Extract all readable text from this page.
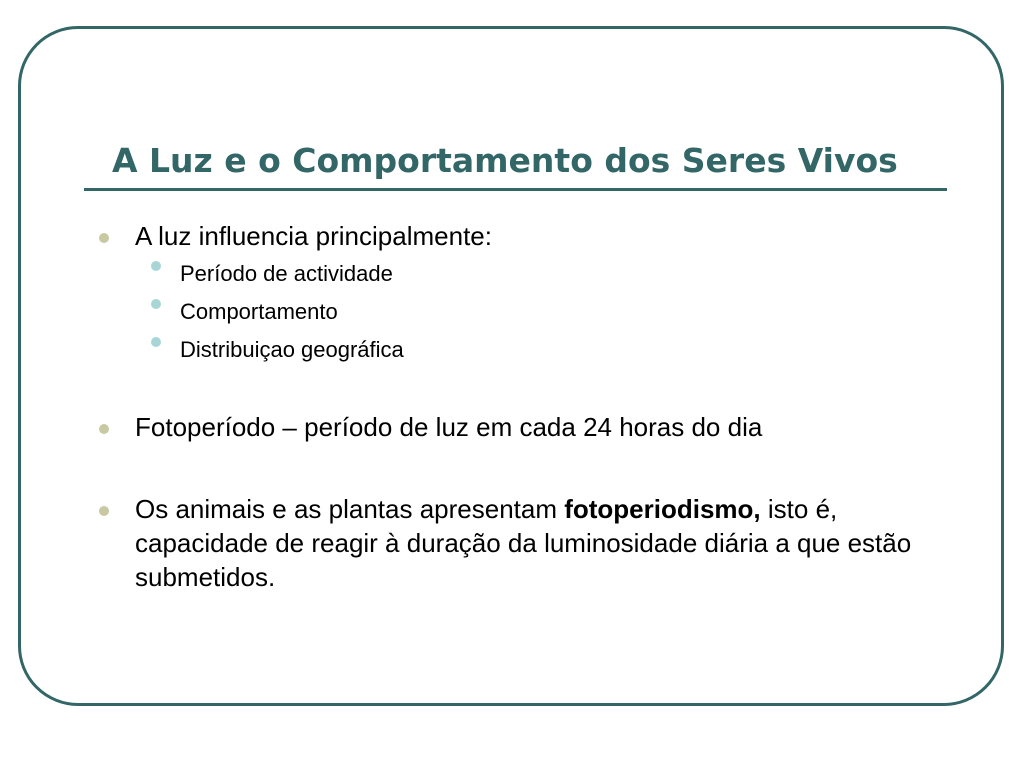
A Luz e o Comportamento dos Seres Vivos
A luz influencia principalmente:
Período de actividade
Comportamento
Distribuiçao geográfica
Fotoperíodo – período de luz em cada 24 horas do dia
Os animais e as plantas apresentam fotoperiodismo, isto é, capacidade de reagir à duração da luminosidade diária a que estão submetidos.
